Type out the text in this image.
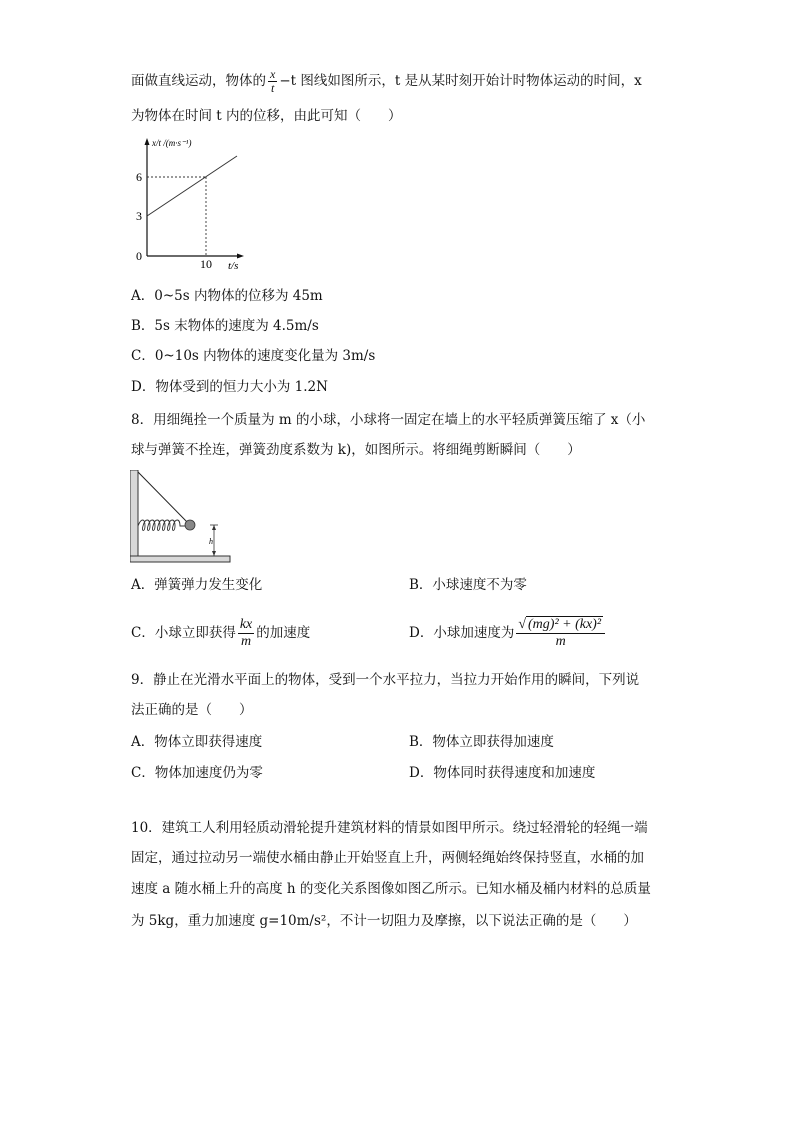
面做直线运动，物体的 $\frac{x}{t} -t$ 图线如图所示，t 是从某时刻开始计时物体运动的时间，x
为物体在时间 t 内的位移，由此可知（　　）
x/t /(m·s⁻¹)
6
3
0
10 t/s
A．0~5s 内物体的位移为 45m
B．5s 末物体的速度为 4.5m/s
C．0~10s 内物体的速度变化量为 3m/s
D．物体受到的恒力大小为 1.2N
8．用细绳拴一个质量为 m 的小球，小球将一固定在墙上的水平轻质弹簧压缩了 x（小
球与弹簧不拴连，弹簧劲度系数为 k)，如图所示。将细绳剪断瞬间（　　）
h
A．弹簧弹力发生变化	B．小球速度不为零
C．小球立即获得 $\frac{kx}{m}$ 的加速度	D．小球加速度为 $\frac{\text{√ (mg)² + (kx)²}}{m}$
9．静止在光滑水平面上的物体，受到一个水平拉力，当拉力开始作用的瞬间，下列说
法正确的是（　　）
A．物体立即获得速度	B．物体立即获得加速度
C．物体加速度仍为零	D．物体同时获得速度和加速度
10．建筑工人利用轻质动滑轮提升建筑材料的情景如图甲所示。绕过轻滑轮的轻绳一端
固定，通过拉动另一端使水桶由静止开始竖直上升，两侧轻绳始终保持竖直，水桶的加
速度 a 随水桶上升的高度 h 的变化关系图像如图乙所示。已知水桶及桶内材料的总质量
为 5kg，重力加速度 g=10m/s²，不计一切阻力及摩擦，以下说法正确的是（　　）
